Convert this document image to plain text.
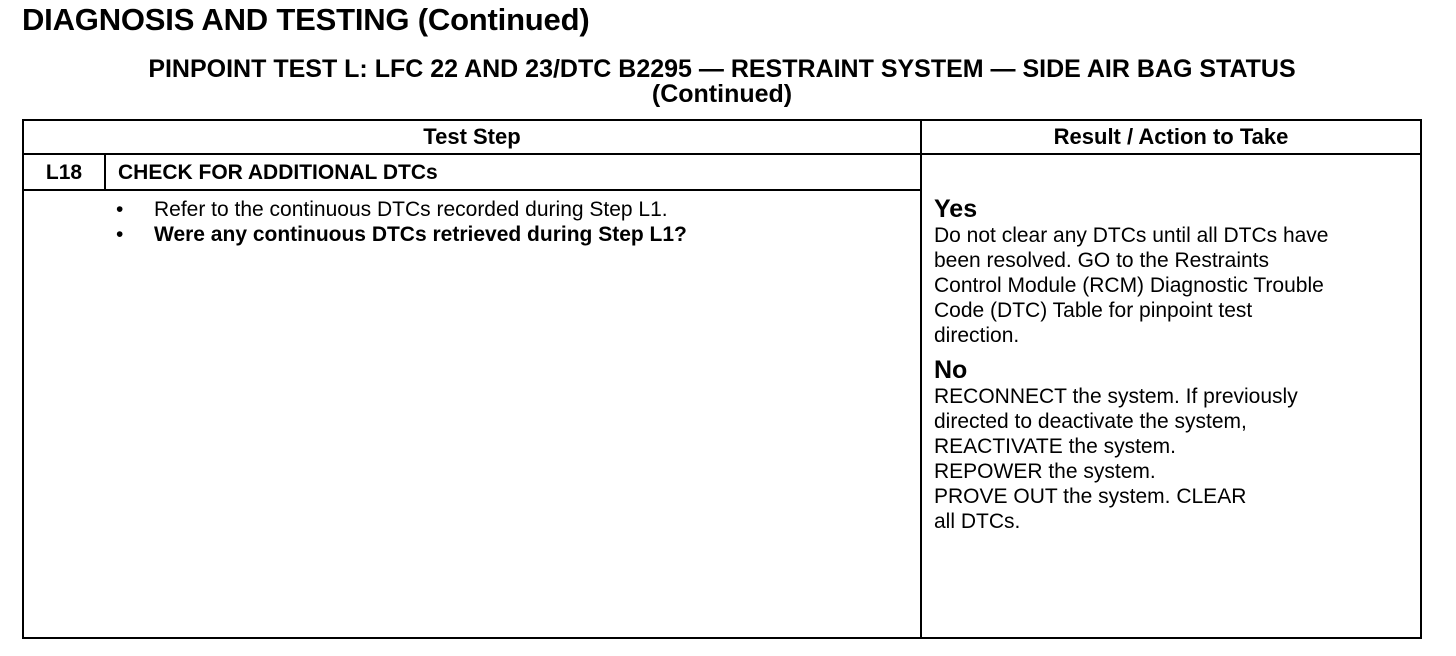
DIAGNOSIS AND TESTING (Continued)
PINPOINT TEST L: LFC 22 AND 23/DTC B2295 — RESTRAINT SYSTEM — SIDE AIR BAG STATUS
(Continued)
Test Step	Result / Action to Take
L18	CHECK FOR ADDITIONAL DTCs
• Refer to the continuous DTCs recorded during Step L1.
• Were any continuous DTCs retrieved during Step L1?
Yes
Do not clear any DTCs until all DTCs have
been resolved. GO to the Restraints
Control Module (RCM) Diagnostic Trouble
Code (DTC) Table for pinpoint test
direction.
No
RECONNECT the system. If previously
directed to deactivate the system,
REACTIVATE the system.
REPOWER the system.
PROVE OUT the system. CLEAR
all DTCs.
